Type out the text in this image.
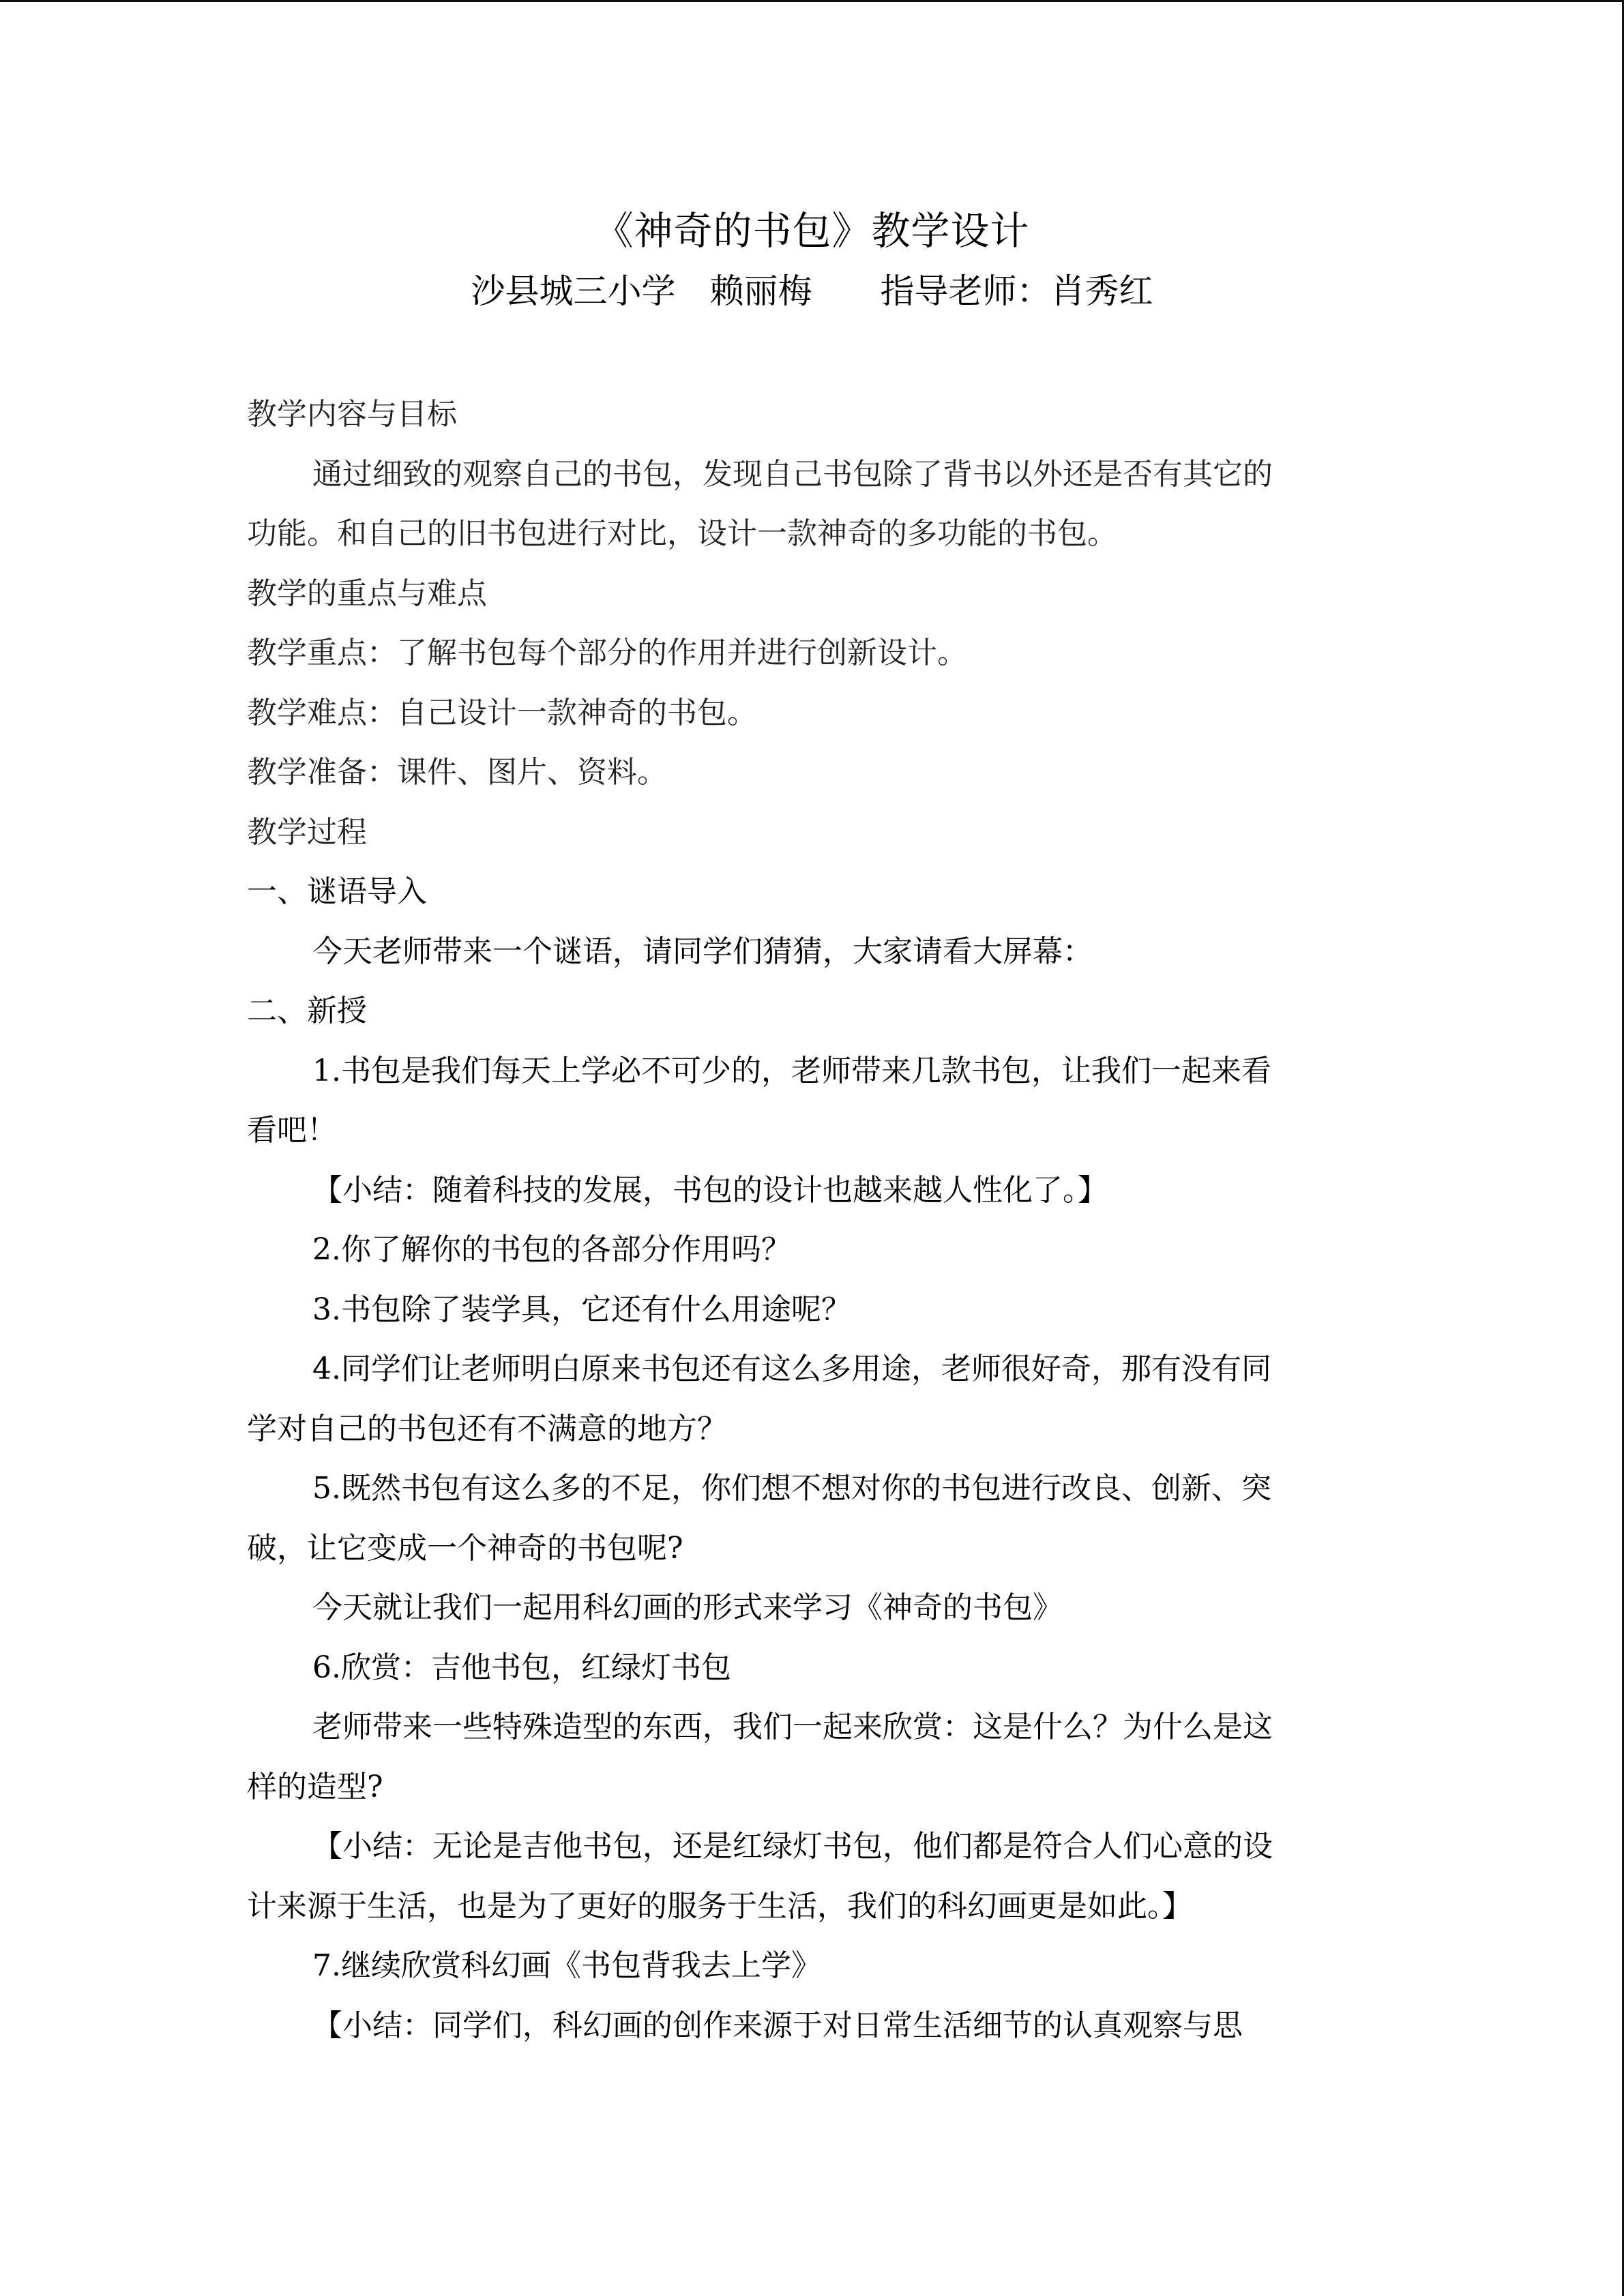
《神奇的书包》教学设计
沙县城三小学　赖丽梅　　指导老师：肖秀红
教学内容与目标
通过细致的观察自己的书包，发现自己书包除了背书以外还是否有其它的
功能。和自己的旧书包进行对比，设计一款神奇的多功能的书包。
教学的重点与难点
教学重点：了解书包每个部分的作用并进行创新设计。
教学难点：自己设计一款神奇的书包。
教学准备：课件、图片、资料。
教学过程
一、谜语导入
今天老师带来一个谜语，请同学们猜猜，大家请看大屏幕：
二、新授
1.书包是我们每天上学必不可少的，老师带来几款书包，让我们一起来看
看吧！
【小结：随着科技的发展，书包的设计也越来越人性化了。】
2.你了解你的书包的各部分作用吗？
3.书包除了装学具，它还有什么用途呢？
4.同学们让老师明白原来书包还有这么多用途，老师很好奇，那有没有同
学对自己的书包还有不满意的地方？
5.既然书包有这么多的不足，你们想不想对你的书包进行改良、创新、突
破，让它变成一个神奇的书包呢?
今天就让我们一起用科幻画的形式来学习《神奇的书包》
6.欣赏：吉他书包，红绿灯书包
老师带来一些特殊造型的东西，我们一起来欣赏：这是什么？为什么是这
样的造型?
【小结：无论是吉他书包，还是红绿灯书包，他们都是符合人们心意的设
计来源于生活，也是为了更好的服务于生活，我们的科幻画更是如此。】
7.继续欣赏科幻画《书包背我去上学》
【小结：同学们，科幻画的创作来源于对日常生活细节的认真观察与思
